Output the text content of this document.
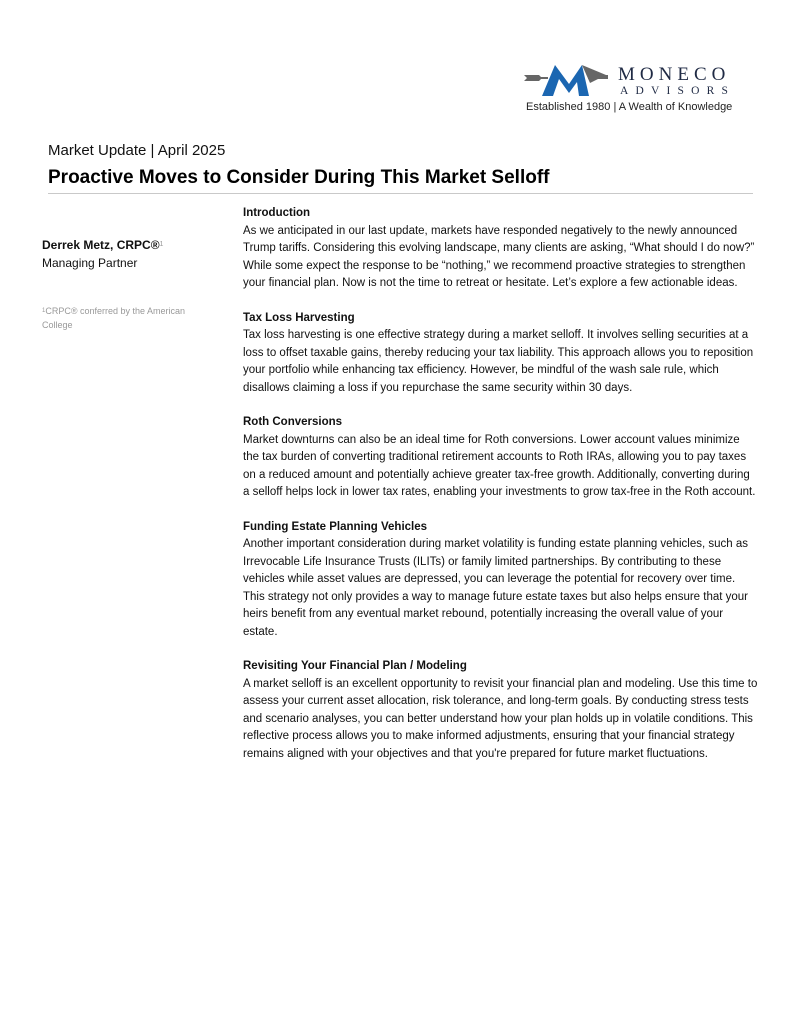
MONECO
ADVISORS
Established 1980 | A Wealth of Knowledge
Market Update | April 2025
Proactive Moves to Consider During This Market Selloff
Derrek Metz, CRPC®$^1$
Managing Partner
$^1$CRPC® conferred by the American College
Introduction

As we anticipated in our last update, markets have responded negatively to the newly announced Trump tariffs. Considering this evolving landscape, many clients are asking, “What should I do now?” While some expect the response to be “nothing,” we recommend proactive strategies to strengthen your financial plan. Now is not the time to retreat or hesitate. Let’s explore a few actionable ideas.

Tax Loss Harvesting

Tax loss harvesting is one effective strategy during a market selloff. It involves selling securities at a loss to offset taxable gains, thereby reducing your tax liability. This approach allows you to reposition your portfolio while enhancing tax efficiency. However, be mindful of the wash sale rule, which disallows claiming a loss if you repurchase the same security within 30 days.

Roth Conversions

Market downturns can also be an ideal time for Roth conversions. Lower account values minimize the tax burden of converting traditional retirement accounts to Roth IRAs, allowing you to pay taxes on a reduced amount and potentially achieve greater tax-free growth. Additionally, converting during a selloff helps lock in lower tax rates, enabling your investments to grow tax-free in the Roth account.

Funding Estate Planning Vehicles

Another important consideration during market volatility is funding estate planning vehicles, such as Irrevocable Life Insurance Trusts (ILITs) or family limited partnerships. By contributing to these vehicles while asset values are depressed, you can leverage the potential for recovery over time. This strategy not only provides a way to manage future estate taxes but also helps ensure that your heirs benefit from any eventual market rebound, potentially increasing the overall value of your estate.

Revisiting Your Financial Plan / Modeling

A market selloff is an excellent opportunity to revisit your financial plan and modeling. Use this time to assess your current asset allocation, risk tolerance, and long-term goals. By conducting stress tests and scenario analyses, you can better understand how your plan holds up in volatile conditions. This reflective process allows you to make informed adjustments, ensuring that your financial strategy remains aligned with your objectives and that you're prepared for future market fluctuations.
